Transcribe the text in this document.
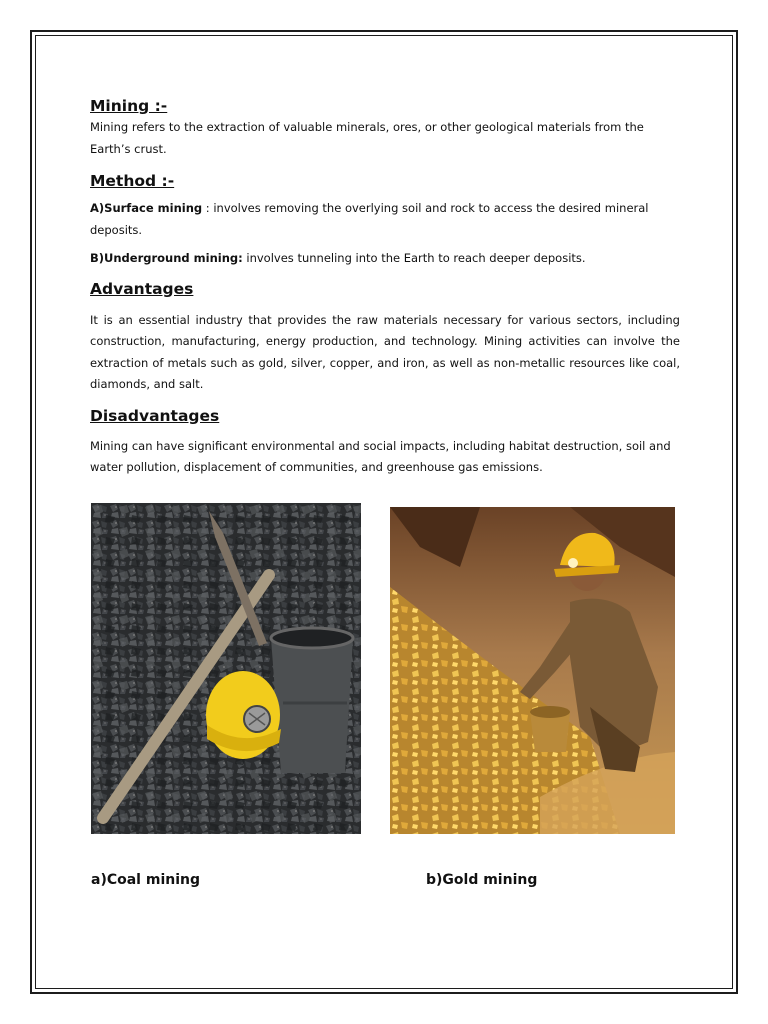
Mining :-

Mining refers to the extraction of valuable minerals, ores, or other geological materials from the Earth’s crust.

Method :-

A)Surface mining : involves removing the overlying soil and rock to access the desired mineral deposits.

B)Underground mining: involves tunneling into the Earth to reach deeper deposits.

Advantages

It is an essential industry that provides the raw materials necessary for various sectors, including construction, manufacturing, energy production, and technology. Mining activities can involve the extraction of metals such as gold, silver, copper, and iron, as well as non-metallic resources like coal, diamonds, and salt.

Disadvantages

Mining can have significant environmental and social impacts, including habitat destruction, soil and water pollution, displacement of communities, and greenhouse gas emissions.

a)Coal mining	b)Gold mining
